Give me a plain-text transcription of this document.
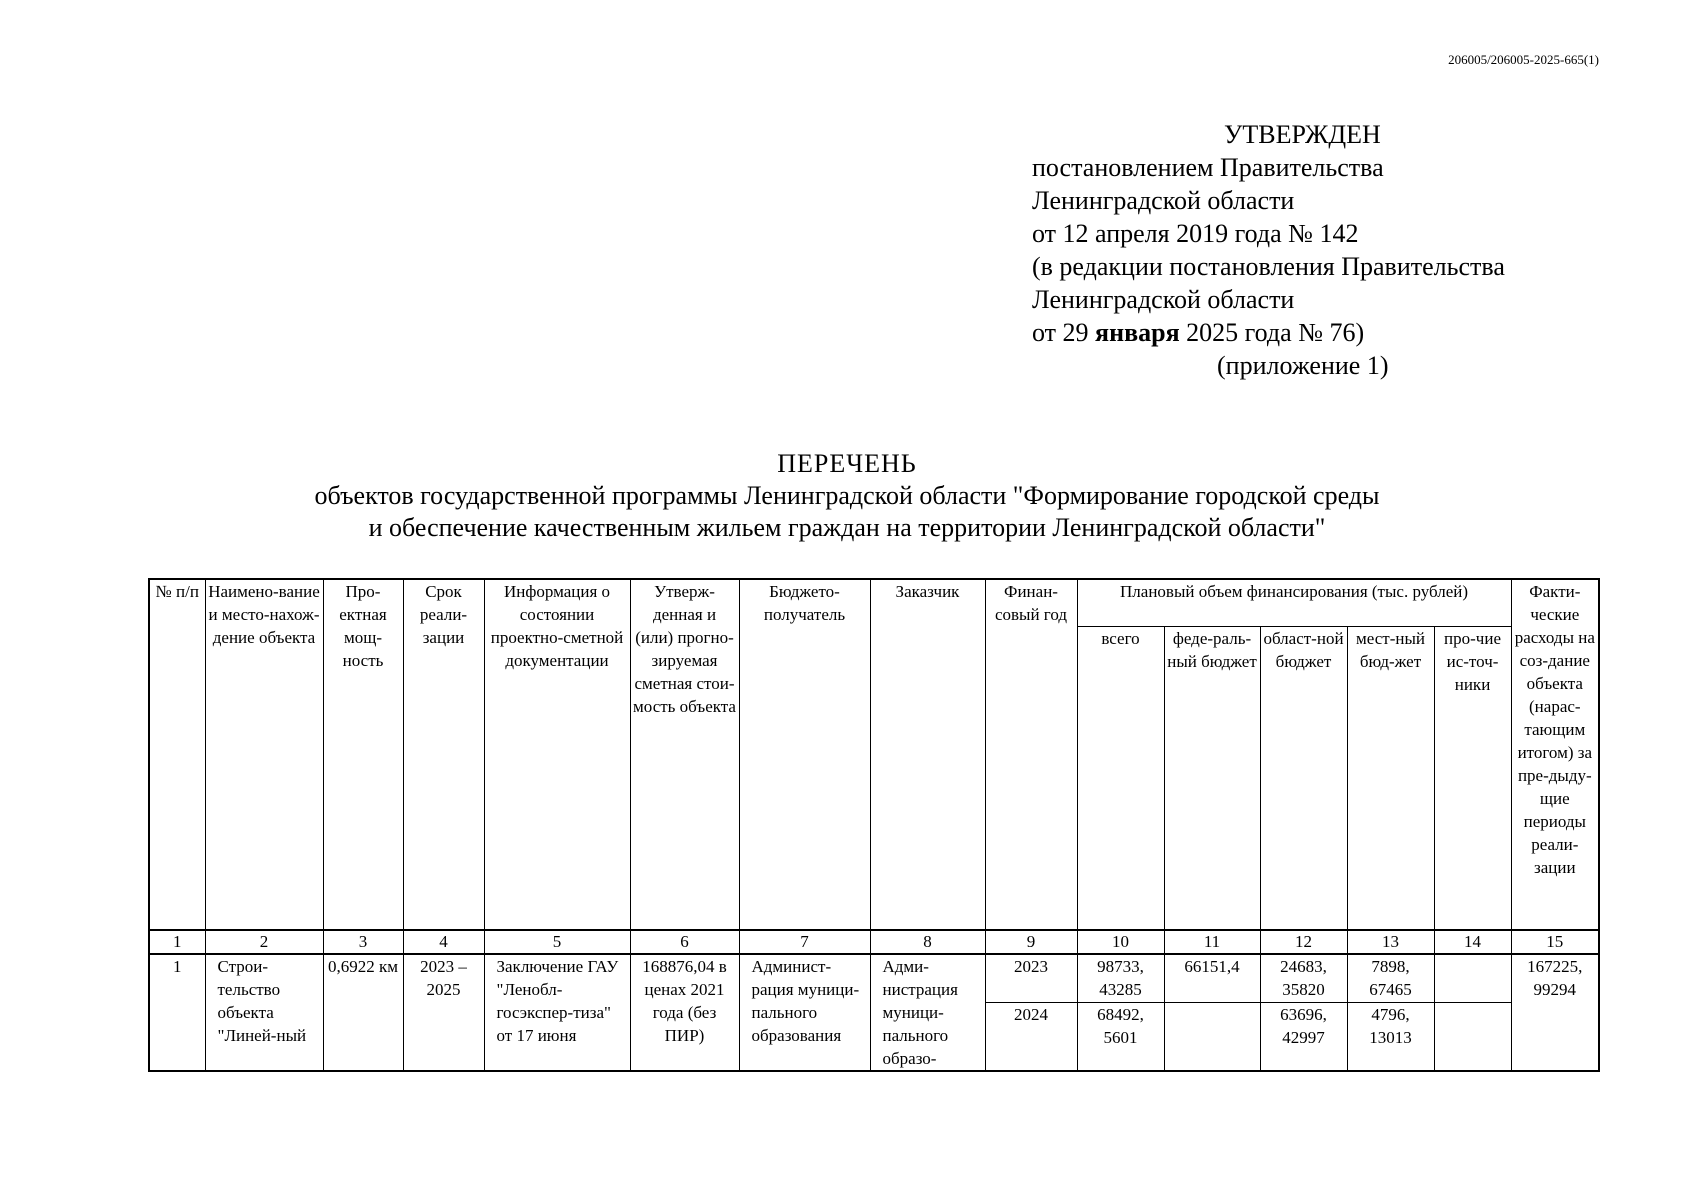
206005/206005-2025-665(1)
УТВЕРЖДЕН
постановлением Правительства
Ленинградской области
от 12 апреля 2019 года № 142
(в редакции постановления Правительства
Ленинградской области
от 29 января 2025 года № 76)
(приложение 1)
ПЕРЕЧЕНЬ
объектов государственной программы Ленинградской области "Формирование городской среды
и обеспечение качественным жильем граждан на территории Ленинградской области"
№ п/п	Наимено-вание и место-нахож-дение объекта	Про-ектная мощ-ность	Срок реали-зации	Информация о состоянии проектно-сметной документации	Утверж-денная и (или) прогно-зируемая сметная стои-мость объекта	Бюджето-получатель	Заказчик	Финан-совый год	Плановый объем финансирования (тыс. рублей)					Факти-ческие расходы на соз-дание объекта (нарас-тающим итогом) за пре-дыду-щие периоды реали-зации
									всего	феде-раль-ный бюджет	област-ной бюджет	мест-ный бюд-жет	про-чие ис-точ-ники	
1	2	3	4	5	6	7	8	9	10	11	12	13	14	15
1	Строи-тельство объекта "Линей-ный	0,6922 км	2023 – 2025	Заключение ГАУ "Ленобл-госэкспер-тиза" от 17 июня	168876,04 в ценах 2021 года (без ПИР)	Админист-рация муници-пального образования	Адми-нистрация муници-пального образо-	2023	98733, 43285	66151,4	24683, 35820	7898, 67465		167225, 99294
								2024	68492, 5601		63696, 42997	4796, 13013		
